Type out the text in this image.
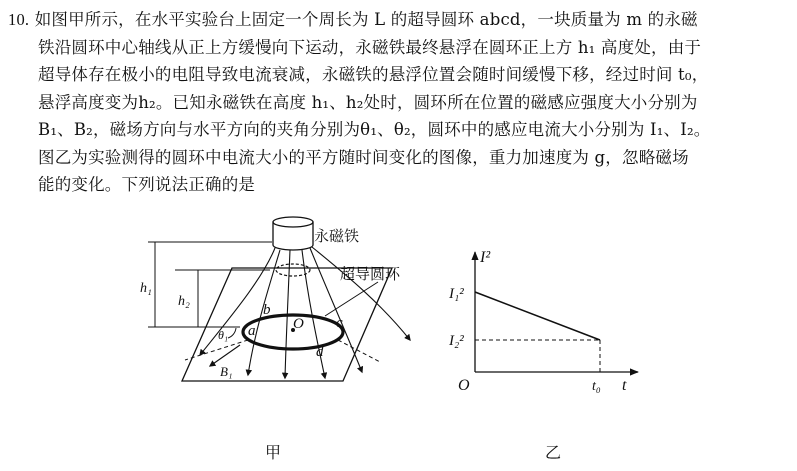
10. 如图甲所示，在水平实验台上固定一个周长为 L 的超导圆环 abcd，一块质量为 m 的永磁
铁沿圆环中心轴线从正上方缓慢向下运动，永磁铁最终悬浮在圆环正上方 h₁ 高度处，由于
超导体存在极小的电阻导致电流衰减，永磁铁的悬浮位置会随时间缓慢下移，经过时间 t₀，
悬浮高度变为h₂。已知永磁铁在高度 h₁、h₂处时，圆环所在位置的磁感应强度大小分别为
B₁、B₂，磁场方向与水平方向的夹角分别为θ₁、θ₂，圆环中的感应电流大小分别为 I₁、I₂。
图乙为实验测得的圆环中电流大小的平方随时间变化的图像，重力加速度为 g，忽略磁场
能的变化。下列说法正确的是
永磁铁
超导圆环
h₁
h₂
a
b
c
d
O
θ₁
B₁
I²
t
O
I₁²
I₂²
t₀
甲	乙
